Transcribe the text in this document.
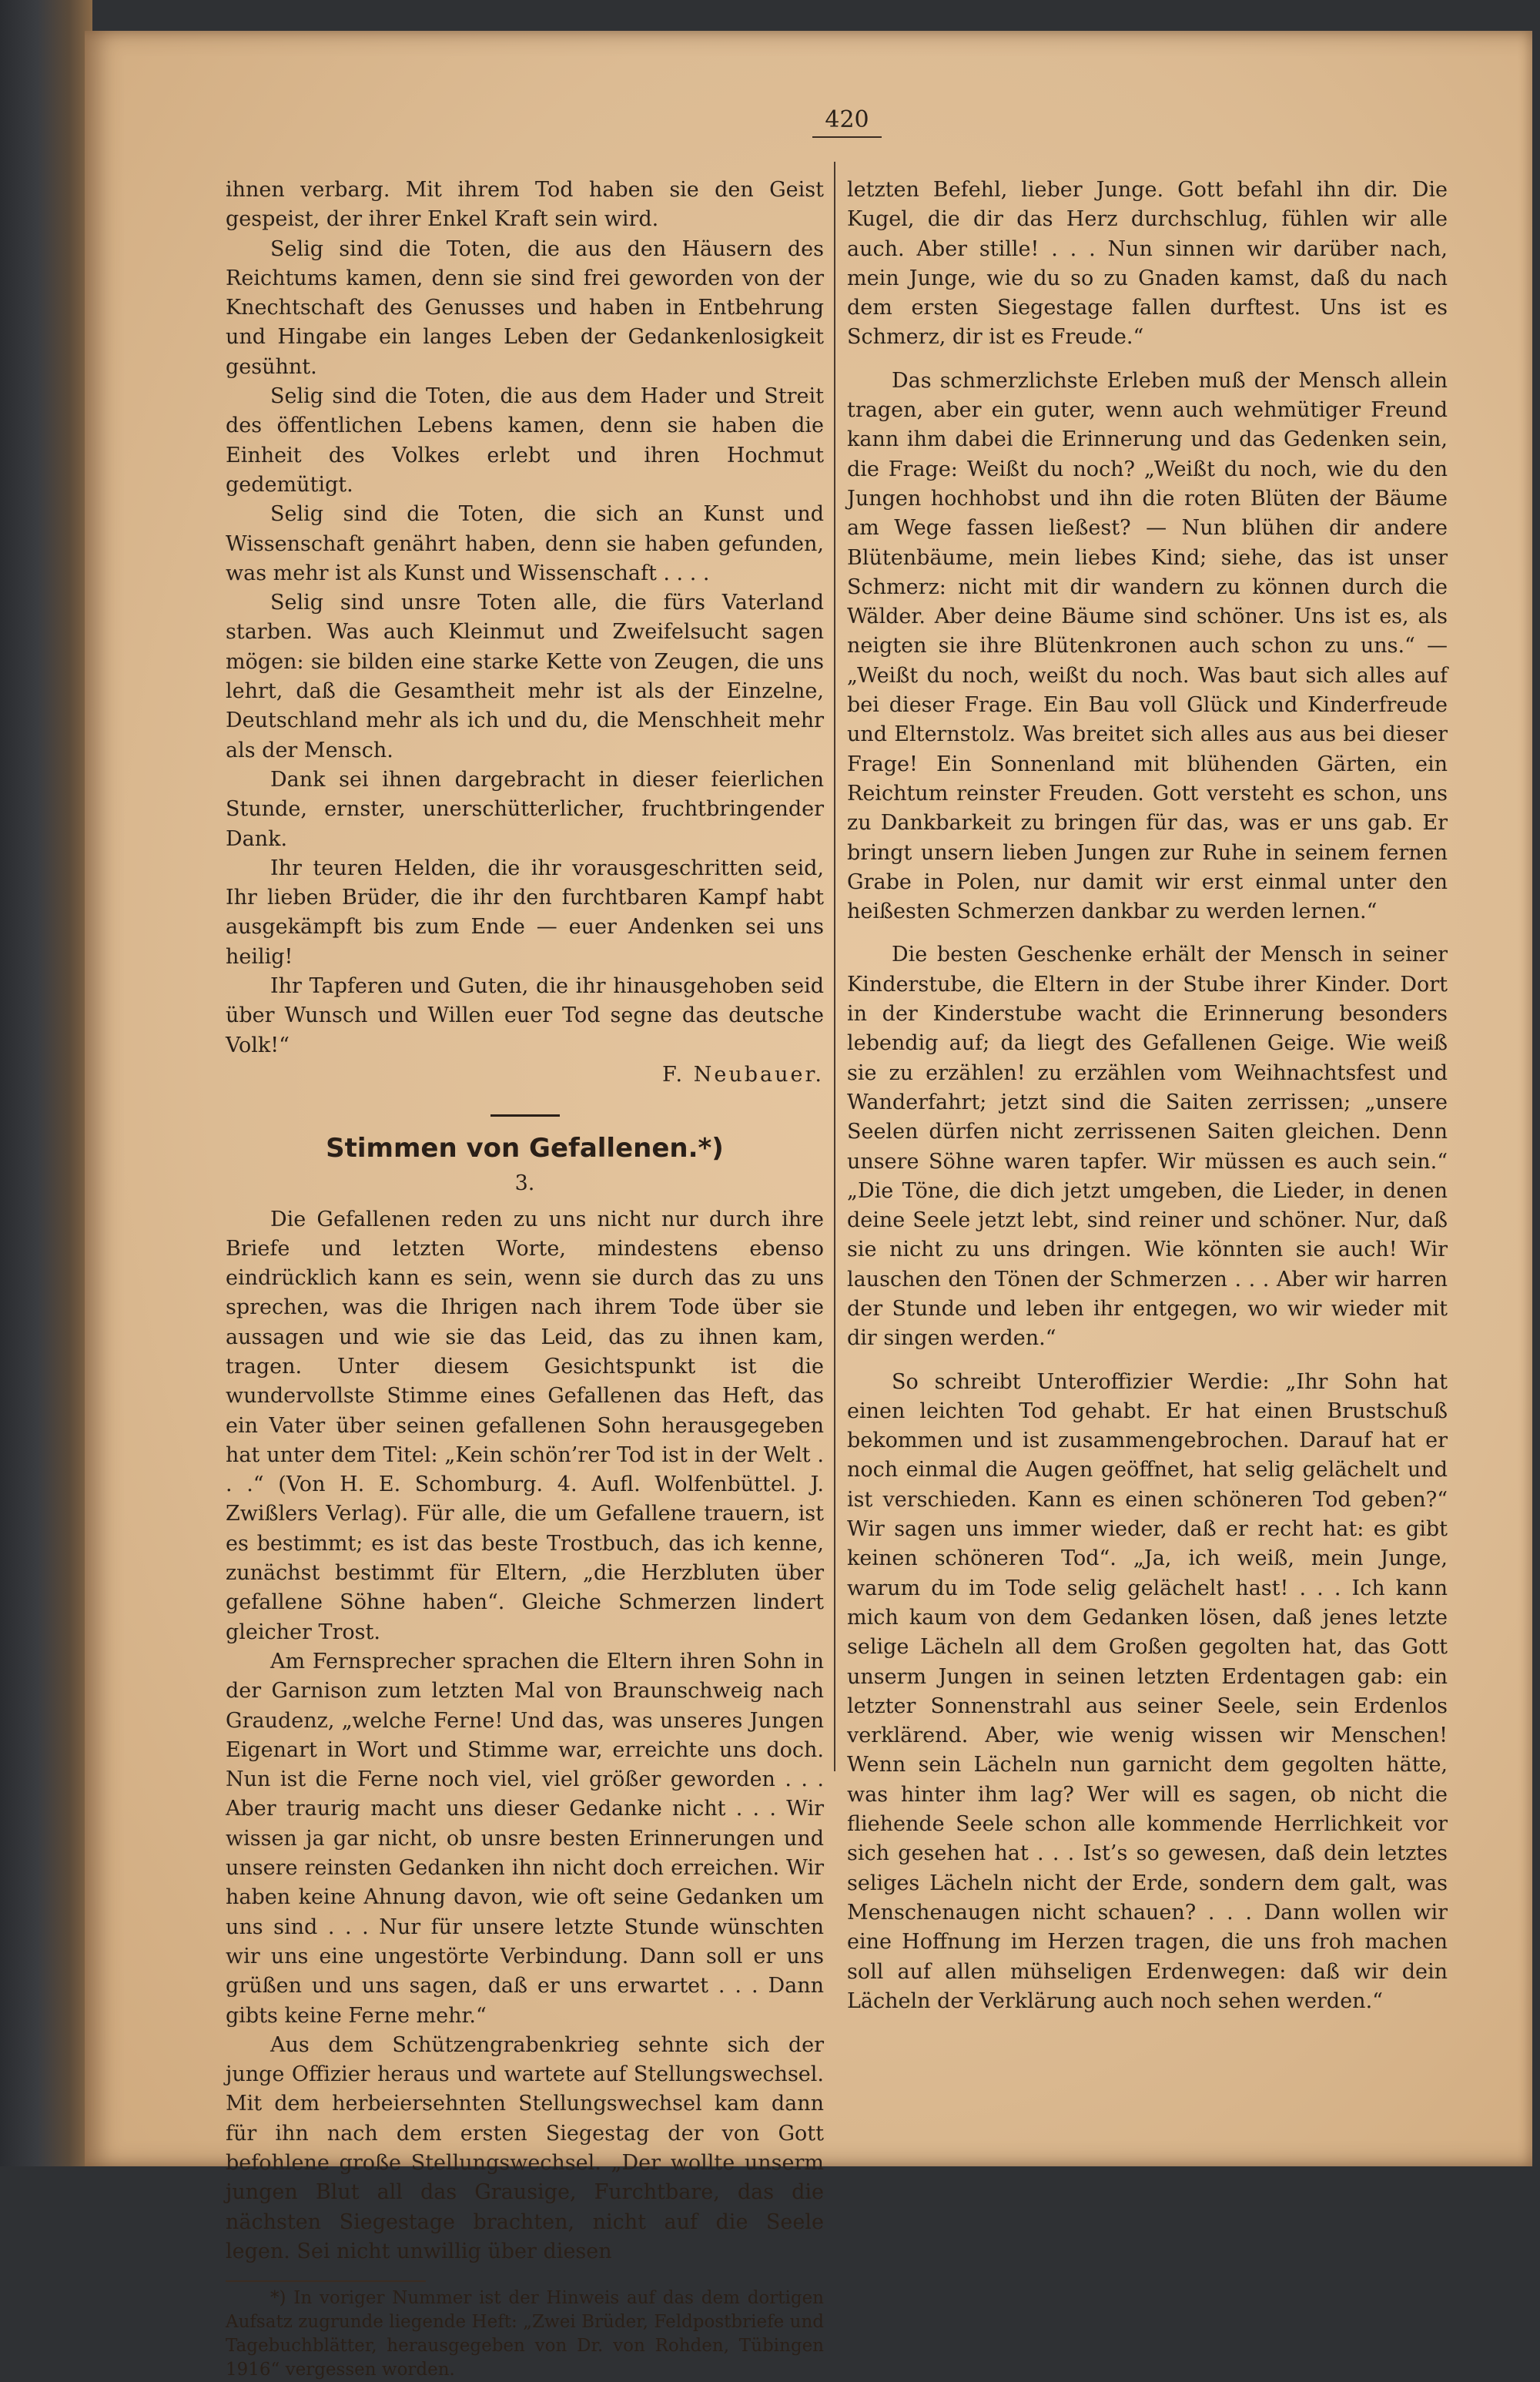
420

ihnen verbarg. Mit ihrem Tod haben sie den Geist gespeist, der ihrer Enkel Kraft sein wird.

Selig sind die Toten, die aus den Häusern des Reichtums kamen, denn sie sind frei geworden von der Knechtschaft des Genusses und haben in Entbehrung und Hingabe ein langes Leben der Gedankenlosigkeit gesühnt.

Selig sind die Toten, die aus dem Hader und Streit des öffentlichen Lebens kamen, denn sie haben die Einheit des Volkes erlebt und ihren Hochmut gedemütigt.

Selig sind die Toten, die sich an Kunst und Wissenschaft genährt haben, denn sie haben gefunden, was mehr ist als Kunst und Wissenschaft . . . .

Selig sind unsre Toten alle, die fürs Vaterland starben. Was auch Kleinmut und Zweifelsucht sagen mögen: sie bilden eine starke Kette von Zeugen, die uns lehrt, daß die Gesamtheit mehr ist als der Einzelne, Deutschland mehr als ich und du, die Menschheit mehr als der Mensch.

Dank sei ihnen dargebracht in dieser feierlichen Stunde, ernster, unerschütterlicher, fruchtbringender Dank.

Ihr teuren Helden, die ihr vorausgeschritten seid, Ihr lieben Brüder, die ihr den furchtbaren Kampf habt ausgekämpft bis zum Ende — euer Andenken sei uns heilig!

Ihr Tapferen und Guten, die ihr hinausgehoben seid über Wunsch und Willen euer Tod segne das deutsche Volk!“

F. Neubauer.

Stimmen von Gefallenen.*)

3.

Die Gefallenen reden zu uns nicht nur durch ihre Briefe und letzten Worte, mindestens ebenso eindrücklich kann es sein, wenn sie durch das zu uns sprechen, was die Ihrigen nach ihrem Tode über sie aussagen und wie sie das Leid, das zu ihnen kam, tragen. Unter diesem Gesichtspunkt ist die wundervollste Stimme eines Gefallenen das Heft, das ein Vater über seinen gefallenen Sohn herausgegeben hat unter dem Titel: „Kein schön’rer Tod ist in der Welt . . .“ (Von H. E. Schomburg. 4. Aufl. Wolfenbüttel. J. Zwißlers Verlag). Für alle, die um Gefallene trauern, ist es bestimmt; es ist das beste Trostbuch, das ich kenne, zunächst bestimmt für Eltern, „die Herzbluten über gefallene Söhne haben“. Gleiche Schmerzen lindert gleicher Trost.

Am Fernsprecher sprachen die Eltern ihren Sohn in der Garnison zum letzten Mal von Braunschweig nach Graudenz, „welche Ferne! Und das, was unseres Jungen Eigenart in Wort und Stimme war, erreichte uns doch. Nun ist die Ferne noch viel, viel größer geworden . . . Aber traurig macht uns dieser Gedanke nicht . . . Wir wissen ja gar nicht, ob unsre besten Erinnerungen und unsere reinsten Gedanken ihn nicht doch erreichen. Wir haben keine Ahnung davon, wie oft seine Gedanken um uns sind . . . Nur für unsere letzte Stunde wünschten wir uns eine ungestörte Verbindung. Dann soll er uns grüßen und uns sagen, daß er uns erwartet . . . Dann gibts keine Ferne mehr.“

Aus dem Schützengrabenkrieg sehnte sich der junge Offizier heraus und wartete auf Stellungswechsel. Mit dem herbeiersehnten Stellungswechsel kam dann für ihn nach dem ersten Siegestag der von Gott befohlene große Stellungswechsel. „Der wollte unserm jungen Blut all das Grausige, Furchtbare, das die nächsten Siegestage brachten, nicht auf die Seele legen. Sei nicht unwillig über diesen

*) In voriger Nummer ist der Hinweis auf das dem dortigen Aufsatz zugrunde liegende Heft: „Zwei Brüder, Feldpostbriefe und Tagebuchblätter, herausgegeben von Dr. von Rohden, Tübingen 1916“ vergessen worden.

letzten Befehl, lieber Junge. Gott befahl ihn dir. Die Kugel, die dir das Herz durchschlug, fühlen wir alle auch. Aber stille! . . . Nun sinnen wir darüber nach, mein Junge, wie du so zu Gnaden kamst, daß du nach dem ersten Siegestage fallen durftest. Uns ist es Schmerz, dir ist es Freude.“

Das schmerzlichste Erleben muß der Mensch allein tragen, aber ein guter, wenn auch wehmütiger Freund kann ihm dabei die Erinnerung und das Gedenken sein, die Frage: Weißt du noch? „Weißt du noch, wie du den Jungen hochhobst und ihn die roten Blüten der Bäume am Wege fassen ließest? — Nun blühen dir andere Blütenbäume, mein liebes Kind; siehe, das ist unser Schmerz: nicht mit dir wandern zu können durch die Wälder. Aber deine Bäume sind schöner. Uns ist es, als neigten sie ihre Blütenkronen auch schon zu uns.“ — „Weißt du noch, weißt du noch. Was baut sich alles auf bei dieser Frage. Ein Bau voll Glück und Kinderfreude und Elternstolz. Was breitet sich alles aus aus bei dieser Frage! Ein Sonnenland mit blühenden Gärten, ein Reichtum reinster Freuden. Gott versteht es schon, uns zu Dankbarkeit zu bringen für das, was er uns gab. Er bringt unsern lieben Jungen zur Ruhe in seinem fernen Grabe in Polen, nur damit wir erst einmal unter den heißesten Schmerzen dankbar zu werden lernen.“

Die besten Geschenke erhält der Mensch in seiner Kinderstube, die Eltern in der Stube ihrer Kinder. Dort in der Kinderstube wacht die Erinnerung besonders lebendig auf; da liegt des Gefallenen Geige. Wie weiß sie zu erzählen! zu erzählen vom Weihnachtsfest und Wanderfahrt; jetzt sind die Saiten zerrissen; „unsere Seelen dürfen nicht zerrissenen Saiten gleichen. Denn unsere Söhne waren tapfer. Wir müssen es auch sein.“ „Die Töne, die dich jetzt umgeben, die Lieder, in denen deine Seele jetzt lebt, sind reiner und schöner. Nur, daß sie nicht zu uns dringen. Wie könnten sie auch! Wir lauschen den Tönen der Schmerzen . . . Aber wir harren der Stunde und leben ihr entgegen, wo wir wieder mit dir singen werden.“

So schreibt Unteroffizier Werdie: „Ihr Sohn hat einen leichten Tod gehabt. Er hat einen Brustschuß bekommen und ist zusammengebrochen. Darauf hat er noch einmal die Augen geöffnet, hat selig gelächelt und ist verschieden. Kann es einen schöneren Tod geben?“ Wir sagen uns immer wieder, daß er recht hat: es gibt keinen schöneren Tod“. „Ja, ich weiß, mein Junge, warum du im Tode selig gelächelt hast! . . . Ich kann mich kaum von dem Gedanken lösen, daß jenes letzte selige Lächeln all dem Großen gegolten hat, das Gott unserm Jungen in seinen letzten Erdentagen gab: ein letzter Sonnenstrahl aus seiner Seele, sein Erdenlos verklärend. Aber, wie wenig wissen wir Menschen! Wenn sein Lächeln nun garnicht dem gegolten hätte, was hinter ihm lag? Wer will es sagen, ob nicht die fliehende Seele schon alle kommende Herrlichkeit vor sich gesehen hat . . . Ist’s so gewesen, daß dein letztes seliges Lächeln nicht der Erde, sondern dem galt, was Menschenaugen nicht schauen? . . . Dann wollen wir eine Hoffnung im Herzen tragen, die uns froh machen soll auf allen mühseligen Erdenwegen: daß wir dein Lächeln der Verklärung auch noch sehen werden.“
